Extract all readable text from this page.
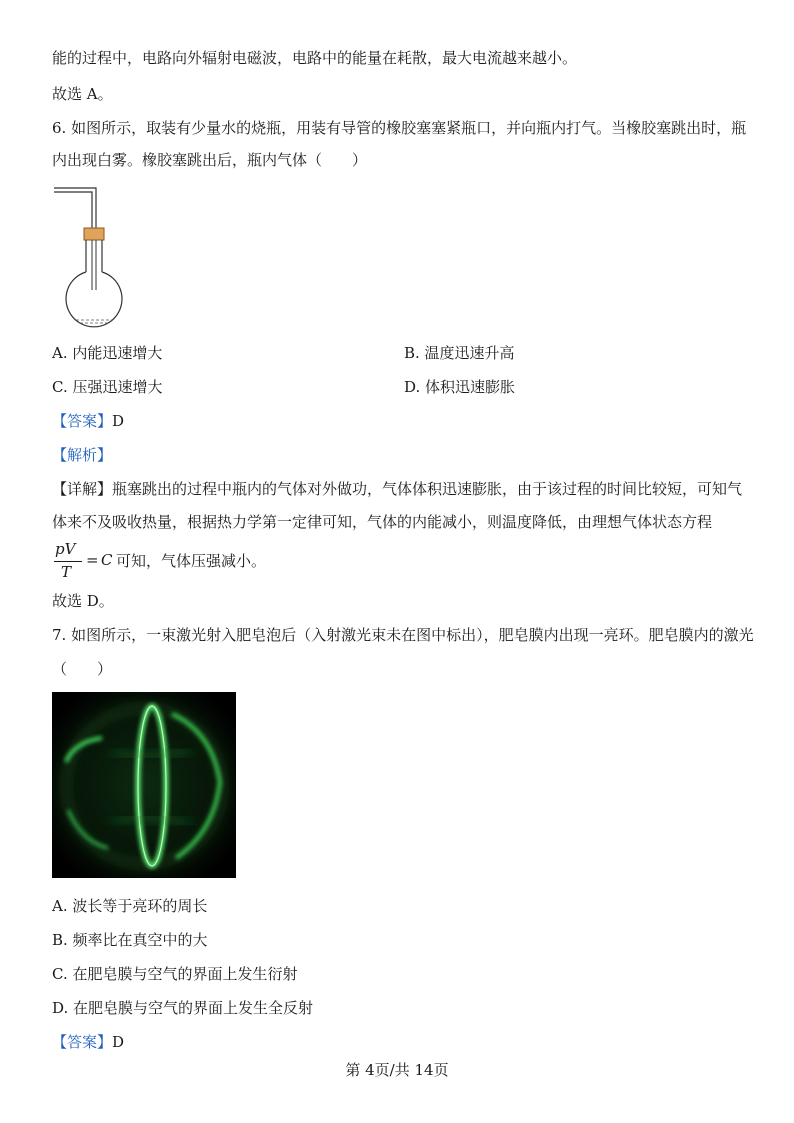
能的过程中，电路向外辐射电磁波，电路中的能量在耗散，最大电流越来越小。
故选 A。
6. 如图所示，取装有少量水的烧瓶，用装有导管的橡胶塞塞紧瓶口，并向瓶内打气。当橡胶塞跳出时，瓶
内出现白雾。橡胶塞跳出后，瓶内气体（　　）
A. 内能迅速增大	B. 温度迅速升高
C. 压强迅速增大	D. 体积迅速膨胀
【答案】D
【解析】
【详解】瓶塞跳出的过程中瓶内的气体对外做功，气体体积迅速膨胀，由于该过程的时间比较短，可知气
体来不及吸收热量，根据热力学第一定律可知，气体的内能减小，则温度降低，由理想气体状态方程
pV
T
= C 可知，气体压强减小。
故选 D。
7. 如图所示，一束激光射入肥皂泡后（入射激光束未在图中标出），肥皂膜内出现一亮环。肥皂膜内的激光
（　　）
A. 波长等于亮环的周长
B. 频率比在真空中的大
C. 在肥皂膜与空气的界面上发生衍射
D. 在肥皂膜与空气的界面上发生全反射
【答案】D
第 4页/共 14页
